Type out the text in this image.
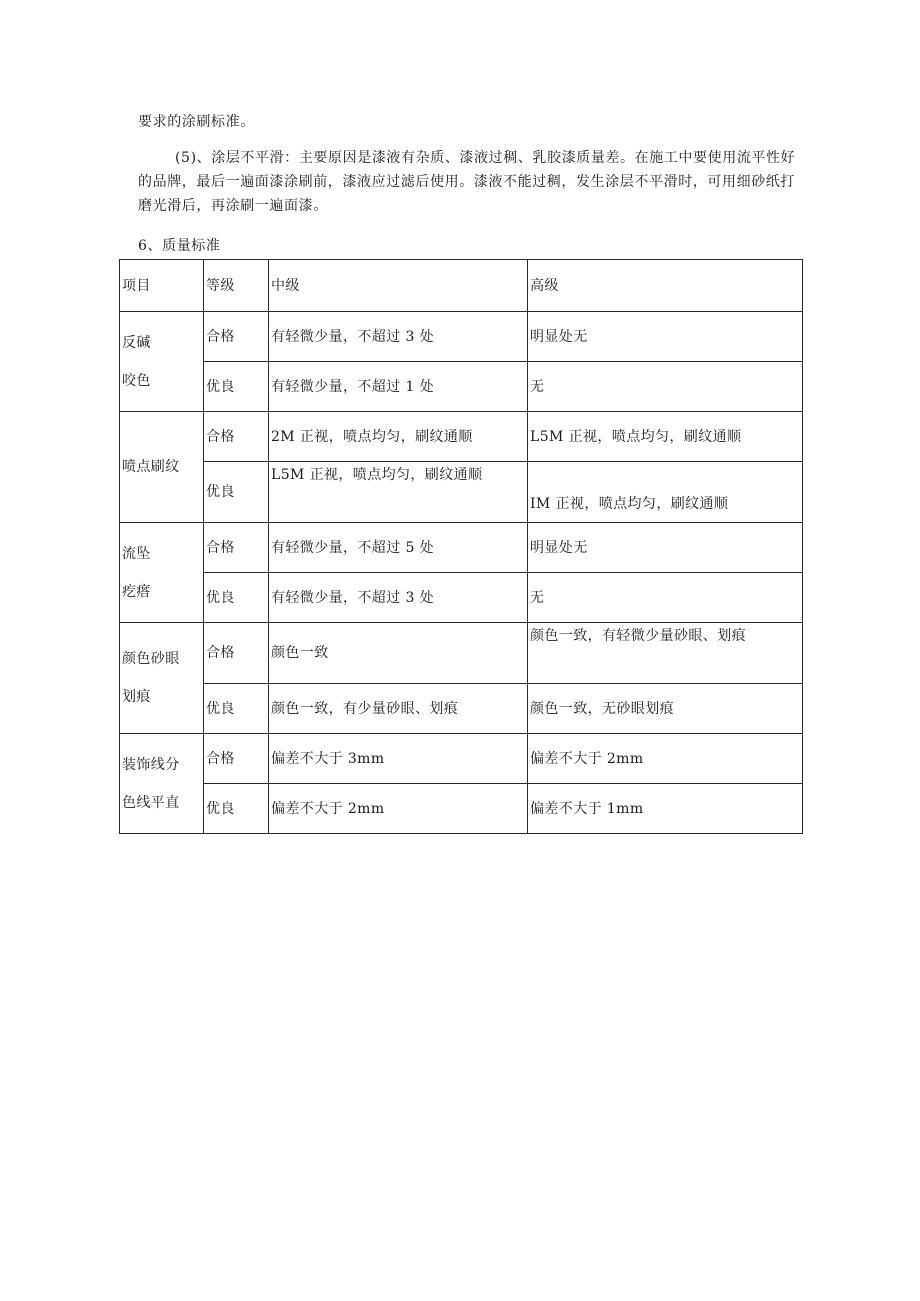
要求的涂刷标准。

(5)、涂层不平滑：主要原因是漆液有杂质、漆液过稠、乳胶漆质量差。在施工中要使用流平性好的品牌，最后一遍面漆涂刷前，漆液应过滤后使用。漆液不能过稠，发生涂层不平滑时，可用细砂纸打磨光滑后，再涂刷一遍面漆。

6、质量标准
项目	等级	中级	高级
反碱
咬色	合格	有轻微少量，不超过 3 处	明显处无
	优良	有轻微少量，不超过 1 处	无
喷点刷纹	合格	2M 正视，喷点均匀，刷纹通顺	L5M 正视，喷点均匀，刷纹通顺
	优良	L5M 正视，喷点均匀，刷纹通顺	IM 正视，喷点均匀，刷纹通顺
流坠
疙瘩	合格	有轻微少量，不超过 5 处	明显处无
	优良	有轻微少量，不超过 3 处	无
颜色砂眼
划痕	合格	颜色一致	颜色一致，有轻微少量砂眼、划痕
	优良	颜色一致，有少量砂眼、划痕	颜色一致，无砂眼划痕
装饰线分
色线平直	合格	偏差不大于 3mm	偏差不大于 2mm
	优良	偏差不大于 2mm	偏差不大于 1mm
